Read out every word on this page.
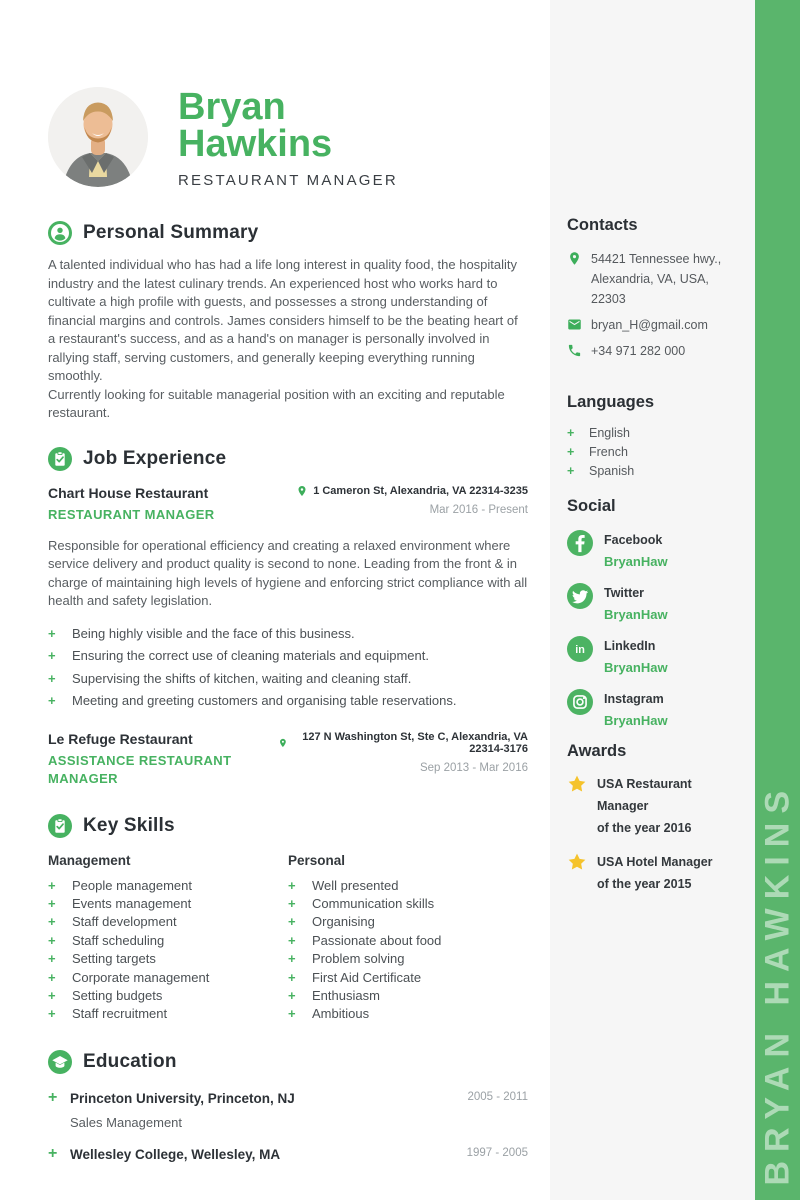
Bryan
Hawkins
RESTAURANT MANAGER
Personal Summary

A talented individual who has had a life long interest in quality food, the hospitality industry and the latest culinary trends. An experienced host who works hard to cultivate a high profile with guests, and possesses a strong understanding of financial margins and controls. James considers himself to be the beating heart of a restaurant's success, and as a hand's on manager is personally involved in rallying staff, serving customers, and generally keeping everything running smoothly.

Currently looking for suitable managerial position with an exciting and reputable restaurant.

Job Experience
Chart House Restaurant
RESTAURANT MANAGER
1 Cameron St, Alexandria, VA 22314-3235
Mar 2016 - Present

Responsible for operational efficiency and creating a relaxed environment where service delivery and product quality is second to none. Leading from the front & in charge of maintaining high levels of hygiene and enforcing strict compliance with all health and safety legislation.

+	Being highly visible and the face of this business.
+	Ensuring the correct use of cleaning materials and equipment.
+	Supervising the shifts of kitchen, waiting and cleaning staff.
+	Meeting and greeting customers and organising table reservations.
Le Refuge Restaurant
ASSISTANCE RESTAURANT MANAGER
127 N Washington St, Ste C, Alexandria, VA 22314-3176
Sep 2013 - Mar 2016
Key Skills
Management
+	People management
+	Events management
+	Staff development
+	Staff scheduling
+	Setting targets
+	Corporate management
+	Setting budgets
+	Staff recruitment
Personal
+	Well presented
+	Communication skills
+	Organising
+	Passionate about food
+	Problem solving
+	First Aid Certificate
+	Enthusiasm
+	Ambitious
Education
+ Princeton University, Princeton, NJ
Sales Management
2005 - 2011
+ Wellesley College, Wellesley, MA	1997 - 2005
Contacts
54421 Tennessee hwy.,
Alexandria, VA, USA, 22303
bryan_H@gmail.com
+34 971 282 000
Languages
+	English
+	French
+	Spanish
Social
Facebook
BryanHaw
Twitter
BryanHaw
in LinkedIn
BryanHaw
Instagram
BryanHaw
Awards
USA Restaurant Manager
of the year 2016
USA Hotel Manager
of the year 2015	BRYAN HAWKINS
